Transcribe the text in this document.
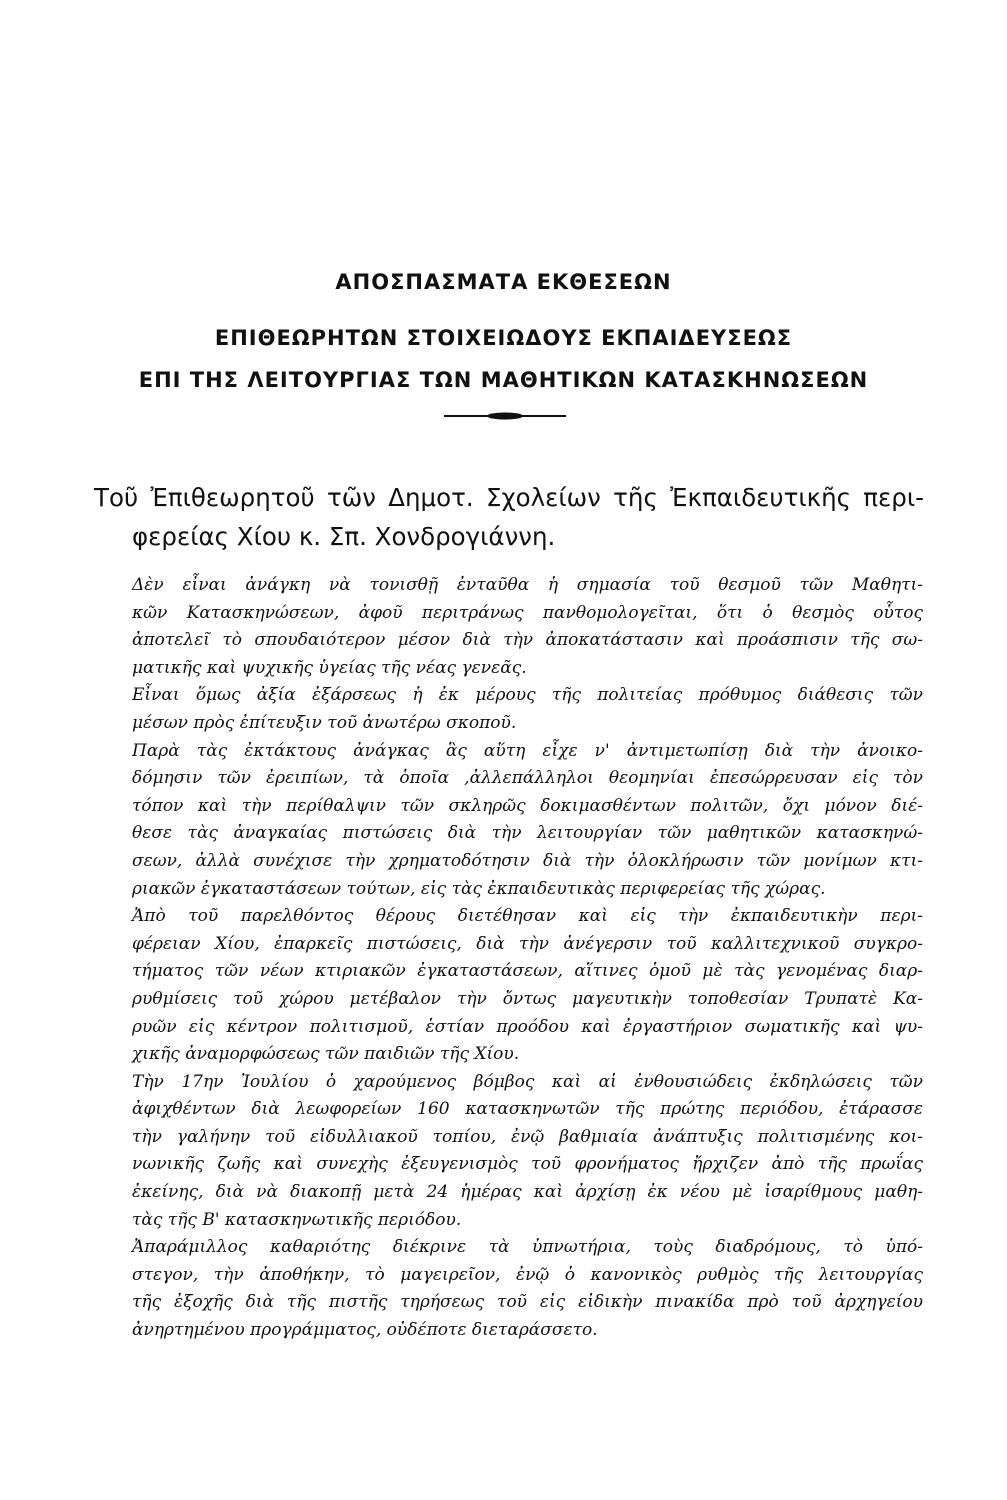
ΑΠΟΣΠΑΣΜΑΤΑ ΕΚΘΕΣΕΩΝ
ΕΠΙΘΕΩΡΗΤΩΝ ΣΤΟΙΧΕΙΩΔΟΥΣ ΕΚΠΑΙΔΕΥΣΕΩΣ
ΕΠΙ ΤΗΣ ΛΕΙΤΟΥΡΓΙΑΣ ΤΩΝ ΜΑΘΗΤΙΚΩΝ ΚΑΤΑΣΚΗΝΩΣΕΩΝ
Τοῦ Ἐπιθεωρητοῦ τῶν Δημοτ. Σχολείων τῆς Ἐκπαιδευτικῆς περι-
φερείας Χίου κ. Σπ. Χονδρογιάννη.
Δὲν εἶναι ἀνάγκη νὰ τονισθῇ ἐνταῦθα ἡ σημασία τοῦ θεσμοῦ τῶν Μαθητι-
κῶν Κατασκηνώσεων, ἀφοῦ περιτράνως πανθομολογεῖται, ὅτι ὁ θεσμὸς οὗτος
ἀποτελεῖ τὸ σπουδαιότερον μέσον διὰ τὴν ἀποκατάστασιν καὶ προάσπισιν τῆς σω-
ματικῆς καὶ ψυχικῆς ὑγείας τῆς νέας γενεᾶς.
Εἶναι ὅμως ἀξία ἐξάρσεως ἡ ἐκ μέρους τῆς πολιτείας πρόθυμος διάθεσις τῶν
μέσων πρὸς ἐπίτευξιν τοῦ ἀνωτέρω σκοποῦ.
Παρὰ τὰς ἐκτάκτους ἀνάγκας ἃς αὕτη εἶχε ν' ἀντιμετωπίσῃ διὰ τὴν ἀνοικο-
δόμησιν τῶν ἐρειπίων, τὰ ὁποῖα ,ἀλλεπάλληλοι θεομηνίαι ἐπεσώρρευσαν εἰς τὸν
τόπον καὶ τὴν περίθαλψιν τῶν σκληρῶς δοκιμασθέντων πολιτῶν, ὄχι μόνον διέ-
θεσε τὰς ἀναγκαίας πιστώσεις διὰ τὴν λειτουργίαν τῶν μαθητικῶν κατασκηνώ-
σεων, ἀλλὰ συνέχισε τὴν χρηματοδότησιν διὰ τὴν ὁλοκλήρωσιν τῶν μονίμων κτι-
ριακῶν ἐγκαταστάσεων τούτων, εἰς τὰς ἐκπαιδευτικὰς περιφερείας τῆς χώρας.
Ἀπὸ τοῦ παρελθόντος θέρους διετέθησαν καὶ εἰς τὴν ἐκπαιδευτικὴν περι-
φέρειαν Χίου, ἐπαρκεῖς πιστώσεις, διὰ τὴν ἀνέγερσιν τοῦ καλλιτεχνικοῦ συγκρο-
τήματος τῶν νέων κτιριακῶν ἐγκαταστάσεων, αἵτινες ὁμοῦ μὲ τὰς γενομένας διαρ-
ρυθμίσεις τοῦ χώρου μετέβαλον τὴν ὄντως μαγευτικὴν τοποθεσίαν Τρυπατὲ Κα-
ρυῶν εἰς κέντρον πολιτισμοῦ, ἑστίαν προόδου καὶ ἐργαστήριον σωματικῆς καὶ ψυ-
χικῆς ἀναμορφώσεως τῶν παιδιῶν τῆς Χίου.
Τὴν 17ην Ἰουλίου ὁ χαρούμενος βόμβος καὶ αἱ ἐνθουσιώδεις ἐκδηλώσεις τῶν
ἀφιχθέντων διὰ λεωφορείων 160 κατασκηνωτῶν τῆς πρώτης περιόδου, ἐτάρασσε
τὴν γαλήνην τοῦ εἰδυλλιακοῦ τοπίου, ἐνῷ βαθμιαία ἀνάπτυξις πολιτισμένης κοι-
νωνικῆς ζωῆς καὶ συνεχὴς ἐξευγενισμὸς τοῦ φρονήματος ἤρχιζεν ἀπὸ τῆς πρωΐας
ἐκείνης, διὰ νὰ διακοπῇ μετὰ 24 ἡμέρας καὶ ἀρχίσῃ ἐκ νέου μὲ ἰσαρίθμους μαθη-
τὰς τῆς Β' κατασκηνωτικῆς περιόδου.
Ἀπαράμιλλος καθαριότης διέκρινε τὰ ὑπνωτήρια, τοὺς διαδρόμους, τὸ ὑπό-
στεγον, τὴν ἀποθήκην, τὸ μαγειρεῖον, ἐνῷ ὁ κανονικὸς ρυθμὸς τῆς λειτουργίας
τῆς ἐξοχῆς διὰ τῆς πιστῆς τηρήσεως τοῦ εἰς εἰδικὴν πινακίδα πρὸ τοῦ ἀρχηγείου
ἀνηρτημένου προγράμματος, οὐδέποτε διεταράσσετο.
